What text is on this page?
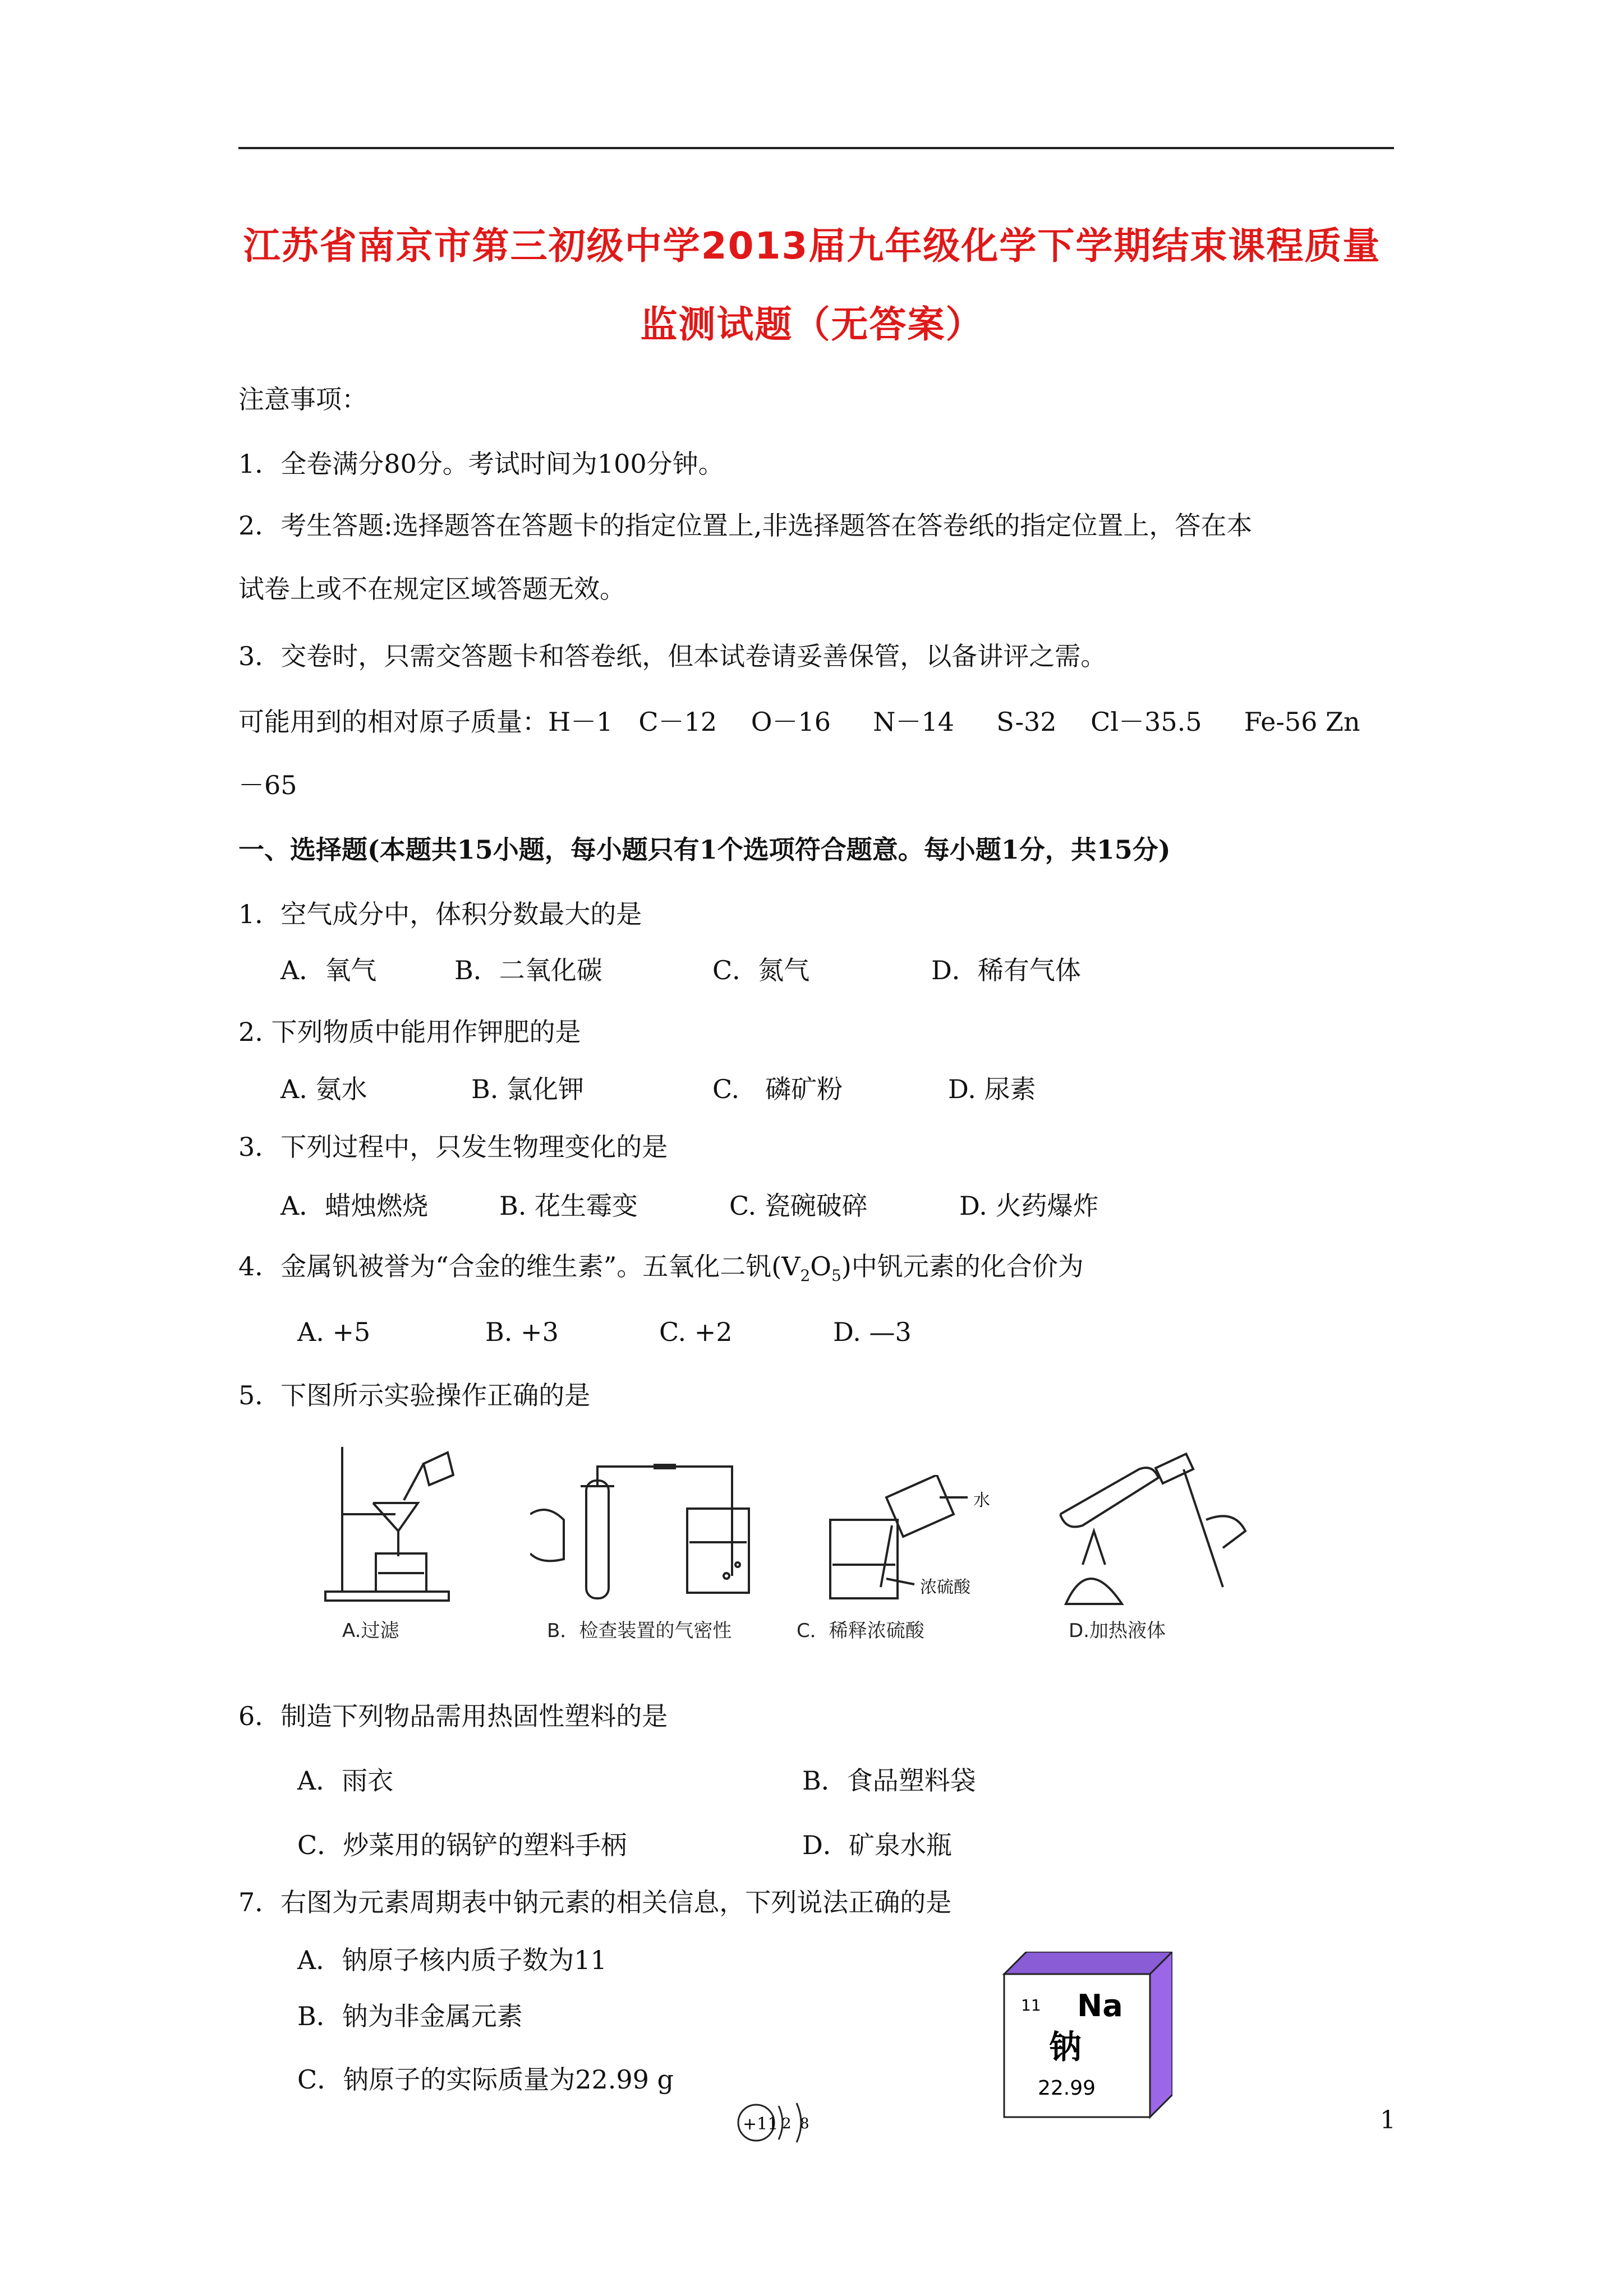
江苏省南京市第三初级中学2013届九年级化学下学期结束课程质量
监测试题（无答案）
注意事项：
1．全卷满分80分。考试时间为100分钟。
2．考生答题:选择题答在答题卡的指定位置上,非选择题答在答卷纸的指定位置上，答在本
试卷上或不在规定区域答题无效。
3．交卷时，只需交答题卡和答卷纸，但本试卷请妥善保管，以备讲评之需。
可能用到的相对原子质量：H－1　C－12　 O－16 　 N－14 　 S-32 　Cl－35.5 　 Fe-56 Zn
－65
一、选择题(本题共15小题，每小题只有1个选项符合题意。每小题1分，共15分)
1．空气成分中，体积分数最大的是
A．氧气	B．二氧化碳	C．氮气	D．稀有气体
2. 下列物质中能用作钾肥的是
A. 氨水	B. 氯化钾	C.　磷矿粉	D. 尿素
3．下列过程中，只发生物理变化的是
A．蜡烛燃烧	B. 花生霉变	C. 瓷碗破碎	D. 火药爆炸
4．金属钒被誉为“合金的维生素”。五氧化二钒$(V_2O_5)$中钒元素的化合价为
A. +5	B. +3	C. +2	D. —3
5．下图所示实验操作正确的是
A.过滤	B．检查装置的气密性
水
浓硫酸
C．稀释浓硫酸	D.加热液体
6．制造下列物品需用热固性塑料的是
A．雨衣	B．食品塑料袋
C．炒菜用的锅铲的塑料手柄	D．矿泉水瓶
7．右图为元素周期表中钠元素的相关信息，下列说法正确的是
A．钠原子核内质子数为11
B．钠为非金属元素
C．钠原子的实际质量为22.99 g
11 Na
钠
22.99
+11 2 8	1
